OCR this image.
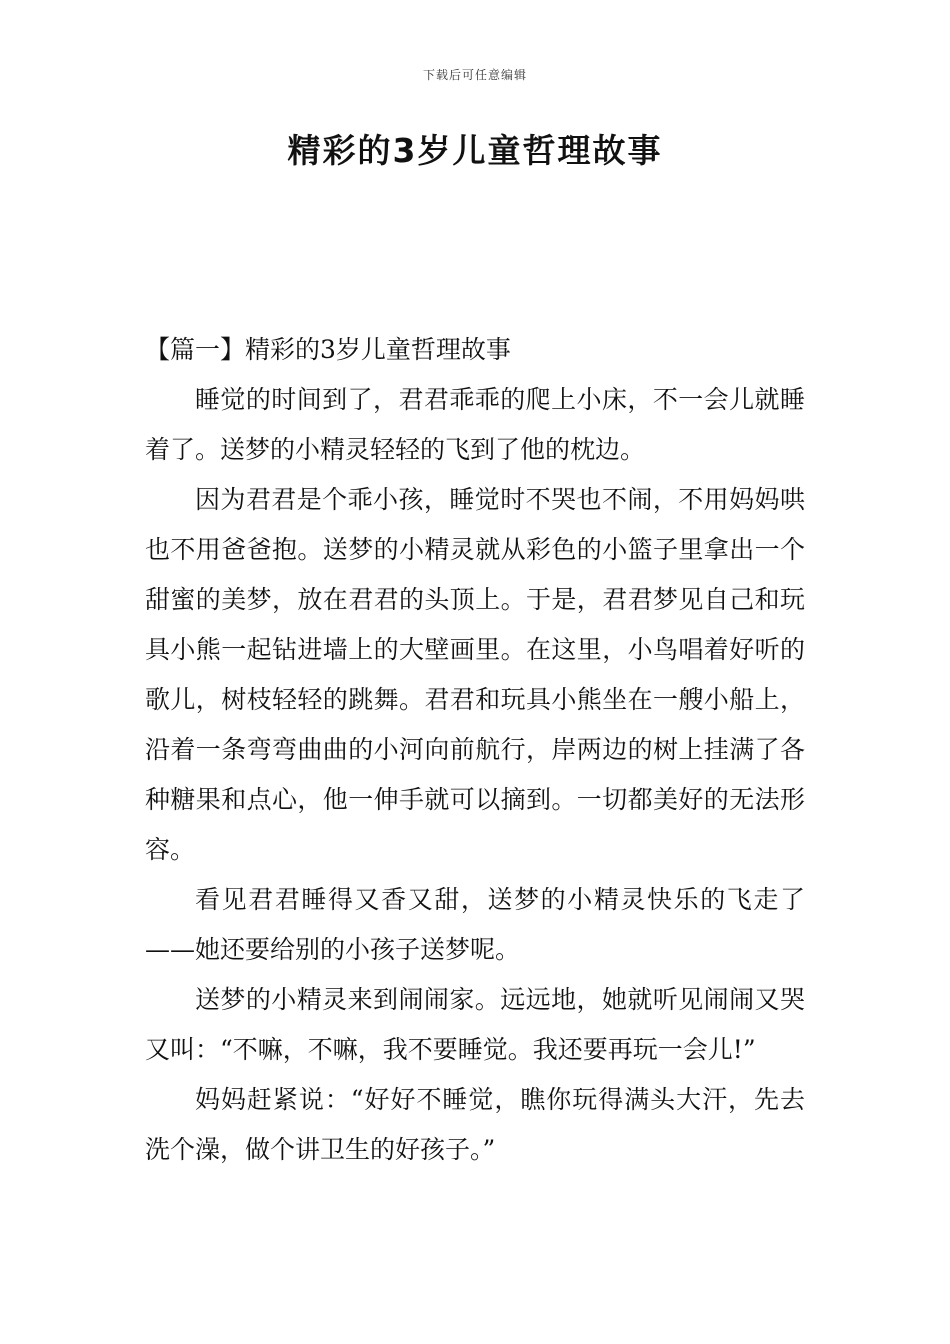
下载后可任意编辑
精彩的3岁儿童哲理故事

【篇一】精彩的3岁儿童哲理故事

睡觉的时间到了，君君乖乖的爬上小床，不一会儿就睡着了。送梦的小精灵轻轻的飞到了他的枕边。

因为君君是个乖小孩，睡觉时不哭也不闹，不用妈妈哄也不用爸爸抱。送梦的小精灵就从彩色的小篮子里拿出一个甜蜜的美梦，放在君君的头顶上。于是，君君梦见自己和玩具小熊一起钻进墙上的大壁画里。在这里，小鸟唱着好听的歌儿，树枝轻轻的跳舞。君君和玩具小熊坐在一艘小船上，沿着一条弯弯曲曲的小河向前航行，岸两边的树上挂满了各种糖果和点心，他一伸手就可以摘到。一切都美好的无法形容。

看见君君睡得又香又甜，送梦的小精灵快乐的飞走了——她还要给别的小孩子送梦呢。

送梦的小精灵来到闹闹家。远远地，她就听见闹闹又哭又叫：“不嘛，不嘛，我不要睡觉。我还要再玩一会儿!”

妈妈赶紧说：“好好不睡觉，瞧你玩得满头大汗，先去洗个澡，做个讲卫生的好孩子。”
